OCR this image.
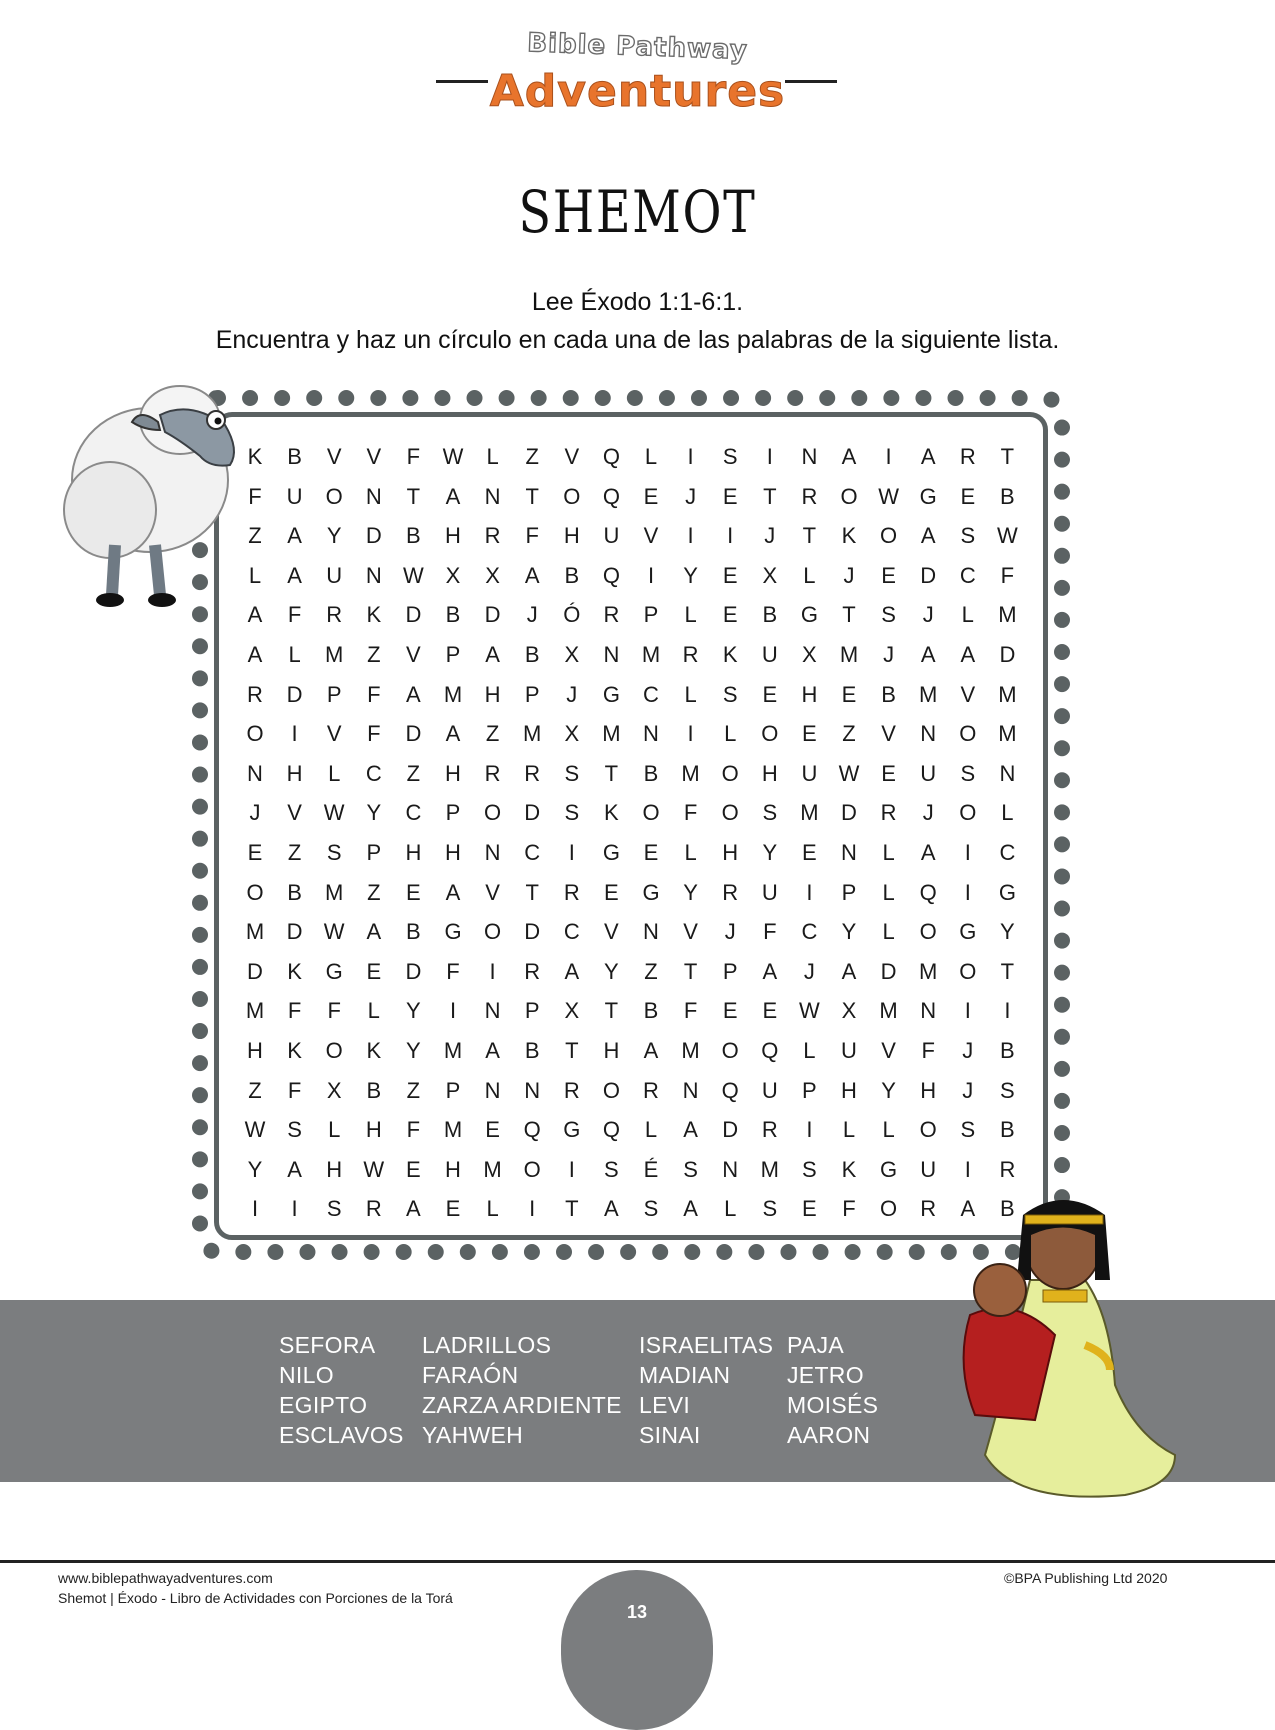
Bible Pathway
Adventures
SHEMOT
Lee Éxodo 1:1-6:1.
Encuentra y haz un círculo en cada una de las palabras de la siguiente lista.
K	B	V	V	F	W	L	Z	V	Q	L	I	S	I	N	A	I	A	R	T
F	U	O	N	T	A	N	T	O	Q	E	J	E	T	R	O W G	E	B
Z	A	Y	D	B	H	R	F	H	U	V	I	I	J	T	K	O	A	S W
L	A	U	N W X	X	A	B	Q	I	Y	E	X	L	J	E	D	C	F
A	F	R	K	D	B	D	J	Ó	R	P	L	E	B	G	T	S	J	L	M
A	L	M	Z	V	P	A	B	X	N	M	R	K	U	X	M	J	A	A	D
R	D	P	F	A	M	H	P	J	G	C	L	S	E	H	E	B	M	V	M
O	I	V	F	D	A	Z	M	X	M	N	I	L	O	E	Z	V	N	O M
N	H	L	C	Z	H	R	R	S	T	B	M O	H	U W E	U	S	N
J	V W Y	C	P	O	D	S	K	O	F	O	S	M	D	R	J	O	L
E	Z	S	P	H	H	N	C	I	G	E	L	H	Y	E	N	L	A	I	C
O	B	M	Z	E	A	V	T	R	E	G	Y	R	U	I	P	L	Q	I	G
M	D W A	B	G	O	D	C	V	N	V	J	F	C	Y	L	O	G	Y
D	K	G	E	D	F	I	R	A	Y	Z	T	P	A	J	A	D	M O	T
M	F	F	L	Y	I	N	P	X	T	B	F	E	E W X	M	N	I	I
H	K	O	K	Y	M	A	B	T	H	A	M O	Q	L	U	V	F	J	B
Z	F	X	B	Z	P	N	N	R	O	R	N	Q	U	P	H	Y	H	J	S
W S	L	H	F	M	E	Q	G	Q	L	A	D	R	I	L	L	O	S	B
Y	A	H W E	H	M O	I	S	É	S	N	M	S	K	G	U	I	R
I	I	S	R	A	E	L	I	T	A	S	A	L	S	E	F	O	R	A	B
SEFORA
NILO
EGIPTO
ESCLAVOS
LADRILLOS
FARAÓN
ZARZA ARDIENTE
YAHWEH
ISRAELITAS
MADIAN
LEVI
SINAI
PAJA
JETRO
MOISÉS
AARON
www.biblepathwayadventures.com
Shemot | Éxodo - Libro de Actividades con Porciones de la Torá
©BPA Publishing Ltd 2020
13
